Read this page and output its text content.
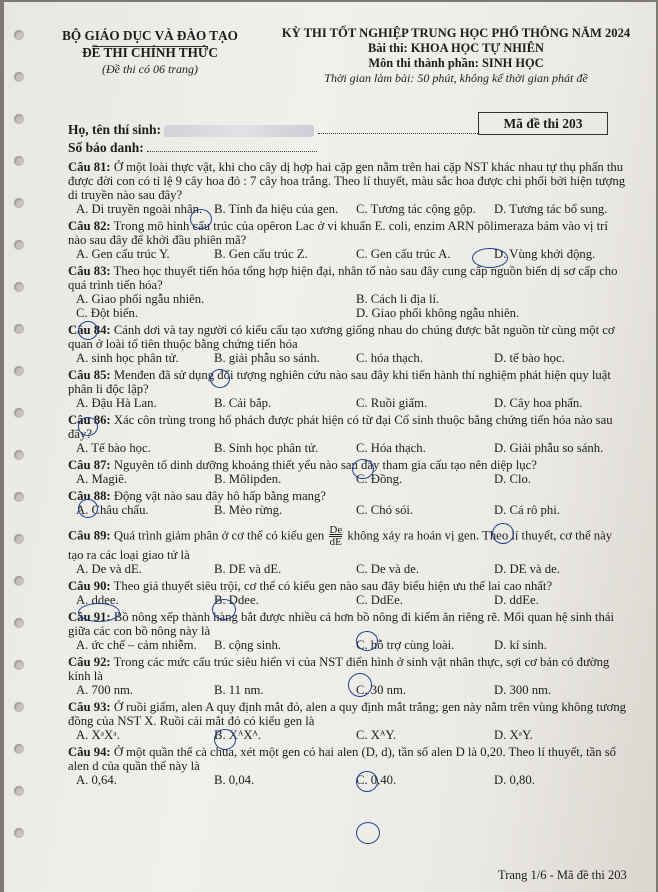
BỘ GIÁO DỤC VÀ ĐÀO TẠO
ĐỀ THI CHÍNH THỨC
(Đề thi có 06 trang)
KỲ THI TỐT NGHIỆP TRUNG HỌC PHỔ THÔNG NĂM 2024
Bài thi: KHOA HỌC TỰ NHIÊN
Môn thi thành phần: SINH HỌC
Thời gian làm bài: 50 phút, không kể thời gian phát đề
Họ, tên thí sinh:
Số báo danh:
Mã đề thi 203

Câu 81: Ở một loài thực vật, khi cho cây dị hợp hai cặp gen nằm trên hai cặp NST khác nhau tự thụ phấn thu được đời con có tỉ lệ 9 cây hoa đỏ : 7 cây hoa trắng. Theo lí thuyết, màu sắc hoa được chi phối bởi hiện tượng di truyền nào sau đây?

A. Di truyền ngoài nhân. B. Tính đa hiệu của gen. C. Tương tác cộng gộp. D. Tương tác bổ sung.

Câu 82: Trong mô hình cấu trúc của opêron Lac ở vi khuẩn E. coli, enzim ARN pôlimeraza bám vào vị trí nào sau đây để khởi đầu phiên mã?

A. Gen cấu trúc Y.	B. Gen cấu trúc Z.	C. Gen cấu trúc A.	D. Vùng khởi động.

Câu 83: Theo học thuyết tiến hóa tổng hợp hiện đại, nhân tố nào sau đây cung cấp nguồn biến dị sơ cấp cho quá trình tiến hóa?

A. Giao phối ngẫu nhiên.	B. Cách li địa lí.
C. Đột biến.	D. Giao phối không ngẫu nhiên.

Câu 84: Cánh dơi và tay người có kiểu cấu tạo xương giống nhau do chúng được bắt nguồn từ cùng một cơ quan ở loài tổ tiên thuộc bằng chứng tiến hóa

A. sinh học phân tử.	B. giải phẫu so sánh.	C. hóa thạch.	D. tế bào học.

Câu 85: Menđen đã sử dụng đối tượng nghiên cứu nào sau đây khi tiến hành thí nghiệm phát hiện quy luật phân li độc lập?

A. Đậu Hà Lan.	B. Cải bắp.	C. Ruồi giấm.	D. Cây hoa phấn.

Câu 86: Xác côn trùng trong hổ phách được phát hiện có từ đại Cổ sinh thuộc bằng chứng tiến hóa nào sau đây?

A. Tế bào học.	B. Sinh học phân tử.	C. Hóa thạch.	D. Giải phẫu so sánh.

Câu 87: Nguyên tố dinh dưỡng khoáng thiết yếu nào sau đây tham gia cấu tạo nên diệp lục?

A. Magiê.	B. Môlipđen.	C. Đồng.	D. Clo.

Câu 88: Động vật nào sau đây hô hấp bằng mang?

A. Châu chấu.	B. Mèo rừng.	C. Chó sói.	D. Cá rô phi.

Câu 89: Quá trình giảm phân ở cơ thể có kiểu gen $\frac{De}{dE}$ không xảy ra hoán vị gen. Theo lí thuyết, cơ thể này tạo ra các loại giao tử là

A. De và dE.	B. DE và dE.	C. De và de.	D. DE và de.

Câu 90: Theo giả thuyết siêu trội, cơ thể có kiểu gen nào sau đây biểu hiện ưu thế lai cao nhất?

A. ddee.	B. Ddee.	C. DdEe.	D. ddEe.

Câu 91: Bồ nông xếp thành hàng bắt được nhiều cá hơn bồ nông đi kiếm ăn riêng rẽ. Mối quan hệ sinh thái giữa các con bồ nông này là

A. ức chế – cảm nhiễm. B. cộng sinh.	C. hỗ trợ cùng loài.	D. kí sinh.

Câu 92: Trong các mức cấu trúc siêu hiển vi của NST điển hình ở sinh vật nhân thực, sợi cơ bản có đường kính là

A. 700 nm.	B. 11 nm.	C. 30 nm.	D. 300 nm.

Câu 93: Ở ruồi giấm, alen A quy định mắt đỏ, alen a quy định mắt trắng; gen này nằm trên vùng không tương đồng của NST X. Ruồi cái mắt đỏ có kiểu gen là

A. XᵃXᵃ.	B. XᴬXᴬ.	C. XᴬY.	D. XᵃY.

Câu 94: Ở một quần thể cà chua, xét một gen có hai alen (D, d), tần số alen D là 0,20. Theo lí thuyết, tần số alen d của quần thể này là

A. 0,64.	B. 0,04.	C. 0,40.	D. 0,80.
Trang 1/6 - Mã đề thi 203
